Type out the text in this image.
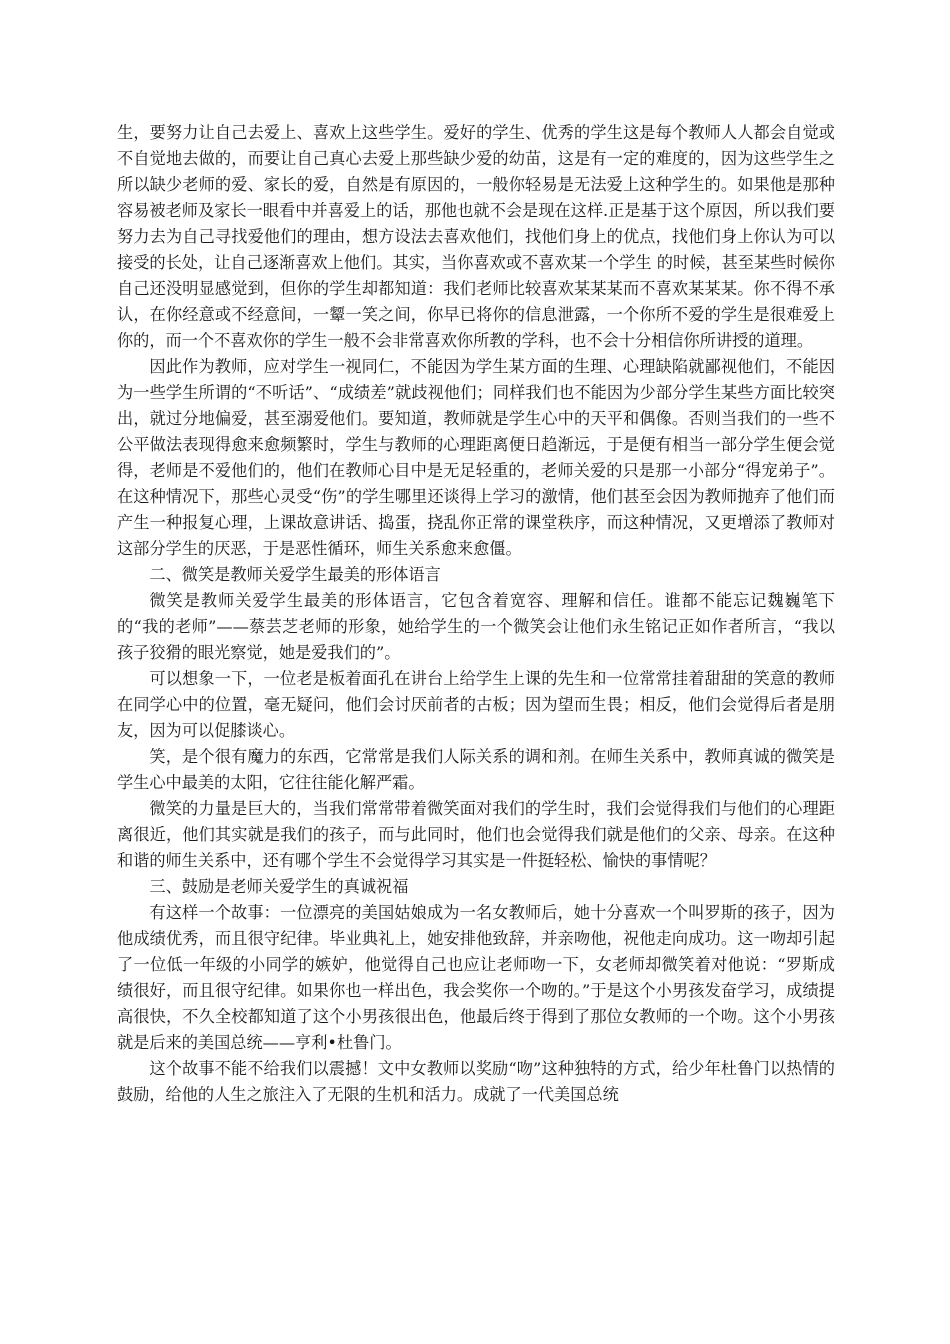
生，要努力让自己去爱上、喜欢上这些学生。爱好的学生、优秀的学生这是每个教师人人都会自觉或不自觉地去做的，而要让自己真心去爱上那些缺少爱的幼苗，这是有一定的难度的，因为这些学生之所以缺少老师的爱、家长的爱，自然是有原因的，一般你轻易是无法爱上这种学生的。如果他是那种容易被老师及家长一眼看中并喜爱上的话，那他也就不会是现在这样.正是基于这个原因，所以我们要努力去为自己寻找爱他们的理由，想方设法去喜欢他们，找他们身上的优点，找他们身上你认为可以接受的长处，让自己逐渐喜欢上他们。其实，当你喜欢或不喜欢某一个学生 的时候，甚至某些时候你自己还没明显感觉到，但你的学生却都知道：我们老师比较喜欢某某某而不喜欢某某某。你不得不承认，在你经意或不经意间，一颦一笑之间，你早已将你的信息泄露，一个你所不爱的学生是很难爱上你的，而一个不喜欢你的学生一般不会非常喜欢你所教的学科，也不会十分相信你所讲授的道理。

因此作为教师，应对学生一视同仁，不能因为学生某方面的生理、心理缺陷就鄙视他们，不能因为一些学生所谓的“不听话”、“成绩差”就歧视他们；同样我们也不能因为少部分学生某些方面比较突出，就过分地偏爱，甚至溺爱他们。要知道，教师就是学生心中的天平和偶像。否则当我们的一些不公平做法表现得愈来愈频繁时，学生与教师的心理距离便日趋渐远，于是便有相当一部分学生便会觉得，老师是不爱他们的，他们在教师心目中是无足轻重的，老师关爱的只是那一小部分“得宠弟子”。在这种情况下，那些心灵受“伤”的学生哪里还谈得上学习的激情，他们甚至会因为教师抛弃了他们而产生一种报复心理，上课故意讲话、捣蛋，挠乱你正常的课堂秩序，而这种情况，又更增添了教师对这部分学生的厌恶，于是恶性循环，师生关系愈来愈僵。

二、微笑是教师关爱学生最美的形体语言

微笑是教师关爱学生最美的形体语言，它包含着宽容、理解和信任。谁都不能忘记魏巍笔下的“我的老师”——蔡芸芝老师的形象，她给学生的一个微笑会让他们永生铭记正如作者所言，“我以孩子狡猾的眼光察觉，她是爱我们的”。

可以想象一下，一位老是板着面孔在讲台上给学生上课的先生和一位常常挂着甜甜的笑意的教师在同学心中的位置，毫无疑问，他们会讨厌前者的古板；因为望而生畏；相反，他们会觉得后者是朋友，因为可以促膝谈心。

笑，是个很有魔力的东西，它常常是我们人际关系的调和剂。在师生关系中，教师真诚的微笑是学生心中最美的太阳，它往往能化解严霜。

微笑的力量是巨大的，当我们常常带着微笑面对我们的学生时，我们会觉得我们与他们的心理距离很近，他们其实就是我们的孩子，而与此同时，他们也会觉得我们就是他们的父亲、母亲。在这种和谐的师生关系中，还有哪个学生不会觉得学习其实是一件挺轻松、愉快的事情呢？

三、鼓励是老师关爱学生的真诚祝福

有这样一个故事：一位漂亮的美国姑娘成为一名女教师后，她十分喜欢一个叫罗斯的孩子，因为他成绩优秀，而且很守纪律。毕业典礼上，她安排他致辞，并亲吻他，祝他走向成功。这一吻却引起了一位低一年级的小同学的嫉妒，他觉得自己也应让老师吻一下，女老师却微笑着对他说：“罗斯成绩很好，而且很守纪律。如果你也一样出色，我会奖你一个吻的。”于是这个小男孩发奋学习，成绩提高很快，不久全校都知道了这个小男孩很出色，他最后终于得到了那位女教师的一个吻。这个小男孩就是后来的美国总统——亨利•杜鲁门。

这个故事不能不给我们以震撼！文中女教师以奖励“吻”这种独特的方式，给少年杜鲁门以热情的鼓励，给他的人生之旅注入了无限的生机和活力。成就了一代美国总统
